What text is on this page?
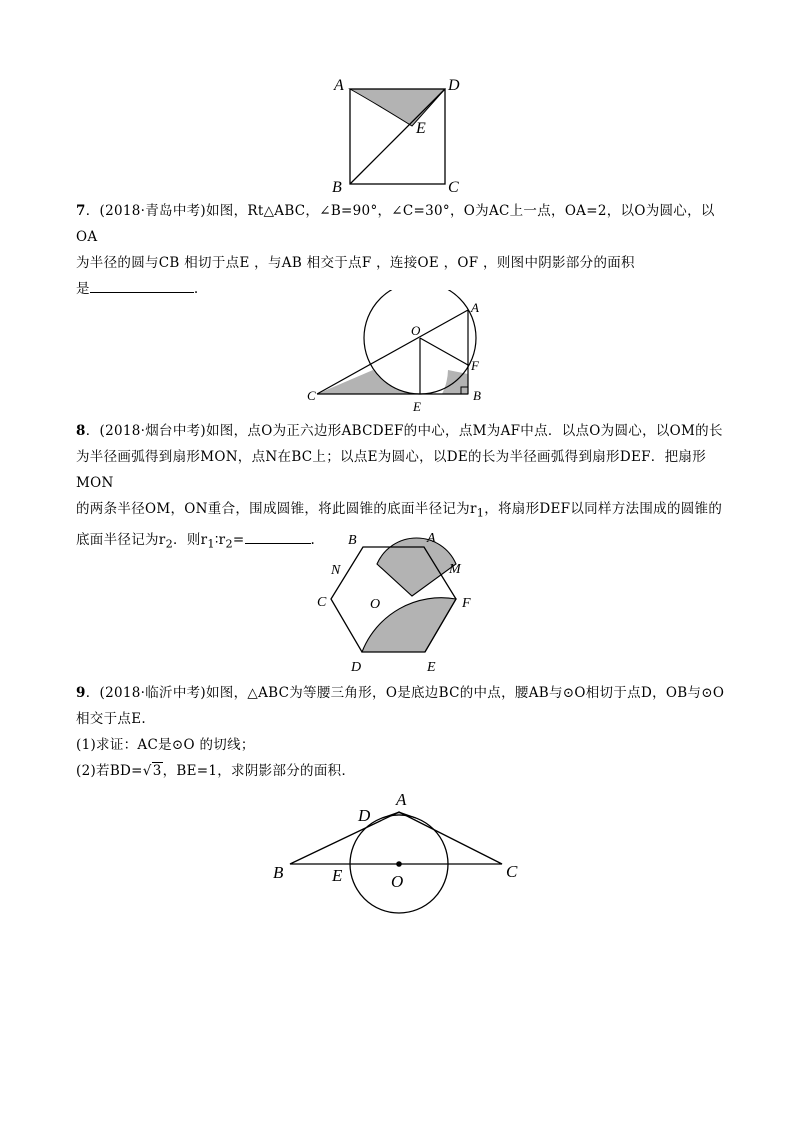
A	D
E
B	C

7．(2018·青岛中考)如图，Rt△ABC，∠B=90°，∠C=30°，O为AC上一点，OA=2，以O为圆心，以OA

为半径的圆与CB 相切于点E ，与AB 相交于点F ，连接OE ，OF ，则图中阴影部分的面积

是	.

A
O
F
C
E
B

8．(2018·烟台中考)如图，点O为正六边形ABCDEF的中心，点M为AF中点．以点O为圆心，以OM的长

为半径画弧得到扇形MON，点N在BC上；以点E为圆心，以DE的长为半径画弧得到扇形DEF．把扇形MON

的两条半径OM，ON重合，围成圆锥，将此圆锥的底面半径记为$r_1$，将扇形DEF以同样方法围成的圆锥的

底面半径记为$r_2$．则$r_1∶r_2=$	.	B	A
N	M
C	O	F
D	E

9．(2018·临沂中考)如图，△ABC为等腰三角形，O是底边BC的中点，腰AB与⊙O相切于点D，OB与⊙O

相交于点E.

(1)求证：AC是⊙O 的切线；

(2)若BD=√3，BE=1，求阴影部分的面积．

D
A
B	E	O
C
